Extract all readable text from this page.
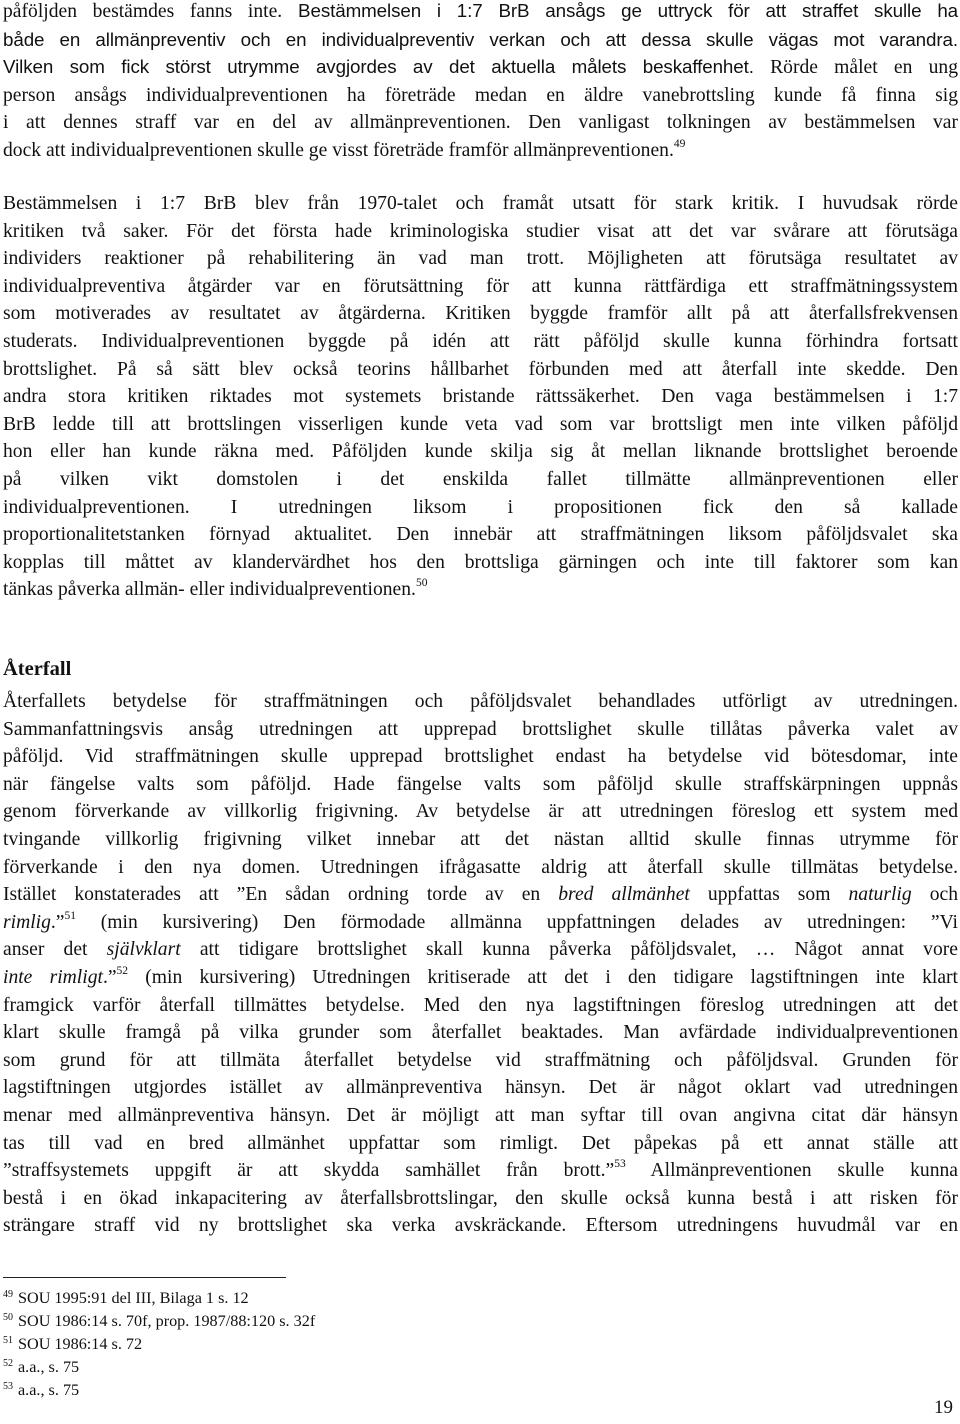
påföljden bestämdes fanns inte. Bestämmelsen i 1:7 BrB ansågs ge uttryck för att straffet skulle ha
både en allmänpreventiv och en individualpreventiv verkan och att dessa skulle vägas mot varandra.
Vilken som fick störst utrymme avgjordes av det aktuella målets beskaffenhet. Rörde målet en ung
person ansågs individualpreventionen ha företräde medan en äldre vanebrottsling kunde få finna sig
i att dennes straff var en del av allmänpreventionen. Den vanligast tolkningen av bestämmelsen var
dock att individualpreventionen skulle ge visst företräde framför allmänpreventionen.$^{49}$
Bestämmelsen i 1:7 BrB blev från 1970-talet och framåt utsatt för stark kritik. I huvudsak rörde
kritiken två saker. För det första hade kriminologiska studier visat att det var svårare att förutsäga
individers reaktioner på rehabilitering än vad man trott. Möjligheten att förutsäga resultatet av
individualpreventiva åtgärder var en förutsättning för att kunna rättfärdiga ett straffmätningssystem
som motiverades av resultatet av åtgärderna. Kritiken byggde framför allt på att återfallsfrekvensen
studerats. Individualpreventionen byggde på idén att rätt påföljd skulle kunna förhindra fortsatt
brottslighet. På så sätt blev också teorins hållbarhet förbunden med att återfall inte skedde. Den
andra stora kritiken riktades mot systemets bristande rättssäkerhet. Den vaga bestämmelsen i 1:7
BrB ledde till att brottslingen visserligen kunde veta vad som var brottsligt men inte vilken påföljd
hon eller han kunde räkna med. Påföljden kunde skilja sig åt mellan liknande brottslighet beroende
på vilken vikt domstolen i det enskilda fallet tillmätte allmänpreventionen eller
individualpreventionen. I utredningen liksom i propositionen fick den så kallade
proportionalitetstanken förnyad aktualitet. Den innebär att straffmätningen liksom påföljdsvalet ska
kopplas till måttet av klandervärdhet hos den brottsliga gärningen och inte till faktorer som kan
tänkas påverka allmän- eller individualpreventionen.$^{50}$
Återfall
Återfallets betydelse för straffmätningen och påföljdsvalet behandlades utförligt av utredningen.
Sammanfattningsvis ansåg utredningen att upprepad brottslighet skulle tillåtas påverka valet av
påföljd. Vid straffmätningen skulle upprepad brottslighet endast ha betydelse vid bötesdomar, inte
när fängelse valts som påföljd. Hade fängelse valts som påföljd skulle straffskärpningen uppnås
genom förverkande av villkorlig frigivning. Av betydelse är att utredningen föreslog ett system med
tvingande villkorlig frigivning vilket innebar att det nästan alltid skulle finnas utrymme för
förverkande i den nya domen. Utredningen ifrågasatte aldrig att återfall skulle tillmätas betydelse.
Istället konstaterades att ”En sådan ordning torde av en bred allmänhet uppfattas som naturlig och
rimlig.”$^{51}$ (min kursivering) Den förmodade allmänna uppfattningen delades av utredningen: ”Vi
anser det självklart att tidigare brottslighet skall kunna påverka påföljdsvalet, … Något annat vore
inte rimligt.”$^{52}$ (min kursivering) Utredningen kritiserade att det i den tidigare lagstiftningen inte klart
framgick varför återfall tillmättes betydelse. Med den nya lagstiftningen föreslog utredningen att det
klart skulle framgå på vilka grunder som återfallet beaktades. Man avfärdade individualpreventionen
som grund för att tillmäta återfallet betydelse vid straffmätning och påföljdsval. Grunden för
lagstiftningen utgjordes istället av allmänpreventiva hänsyn. Det är något oklart vad utredningen
menar med allmänpreventiva hänsyn. Det är möjligt att man syftar till ovan angivna citat där hänsyn
tas till vad en bred allmänhet uppfattar som rimligt. Det påpekas på ett annat ställe att
”straffsystemets uppgift är att skydda samhället från brott.”$^{53}$ Allmänpreventionen skulle kunna
bestå i en ökad inkapacitering av återfallsbrottslingar, den skulle också kunna bestå i att risken för
strängare straff vid ny brottslighet ska verka avskräckande. Eftersom utredningens huvudmål var en
$^{49}$ SOU 1995:91 del III, Bilaga 1 s. 12
$^{50}$ SOU 1986:14 s. 70f, prop. 1987/88:120 s. 32f
$^{51}$ SOU 1986:14 s. 72
$^{52}$ a.a., s. 75
$^{53}$ a.a., s. 75
19
